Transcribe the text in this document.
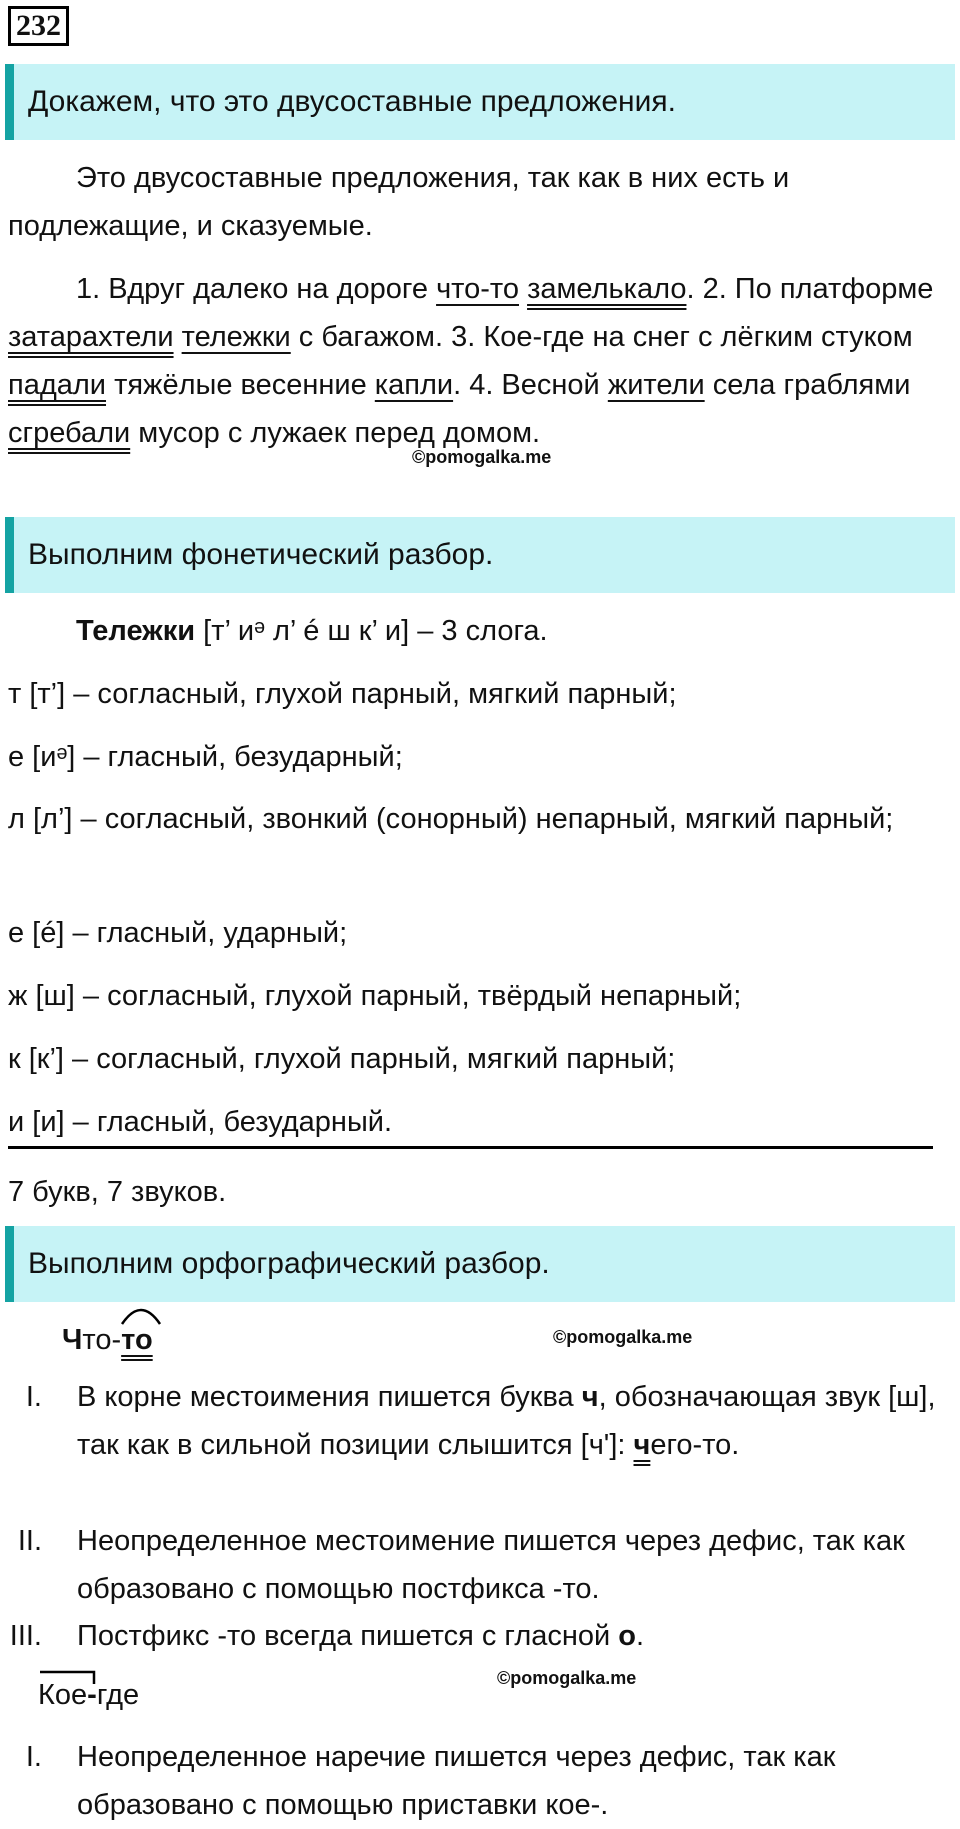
232
Докажем, что это двусоставные предложения.

Это двусоставные предложения, так как в них есть и подлежащие, и сказуемые.

1. Вдруг далеко на дороге что-то замелькало. 2. По платформе затарахтели тележки с багажом. 3. Кое-где на снег с лёгким стуком падали тяжёлые весенние капли. 4. Весной жители села граблями сгребали мусор с лужаек перед домом.

©pomogalka.me
Выполним фонетический разбор.
Тележки [т’ иᵊ л’ é ш к’ и] – 3 слога.
т [т’] – согласный, глухой парный, мягкий парный;
е [иᵊ] – гласный, безударный;

л [л’] – согласный, звонкий (сонорный) непарный, мягкий парный;

е [é] – гласный, ударный;
ж [ш] – согласный, глухой парный, твёрдый непарный;
к [к’] – согласный, глухой парный, мягкий парный;
и [и] – гласный, безударный.
7 букв, 7 звуков.
Выполним орфографический разбор.
Что-то	©pomogalka.me
I. В корне местоимения пишется буква ч, обозначающая звук [ш], так как в сильной позиции слышится [ч']: чего-то.
II. Неопределенное местоимение пишется через дефис, так как образовано с помощью постфикса -то.
III. Постфикс -то всегда пишется с гласной о.
Кое-где
©pomogalka.me
I. Неопределенное наречие пишется через дефис, так как образовано с помощью приставки кое-.
